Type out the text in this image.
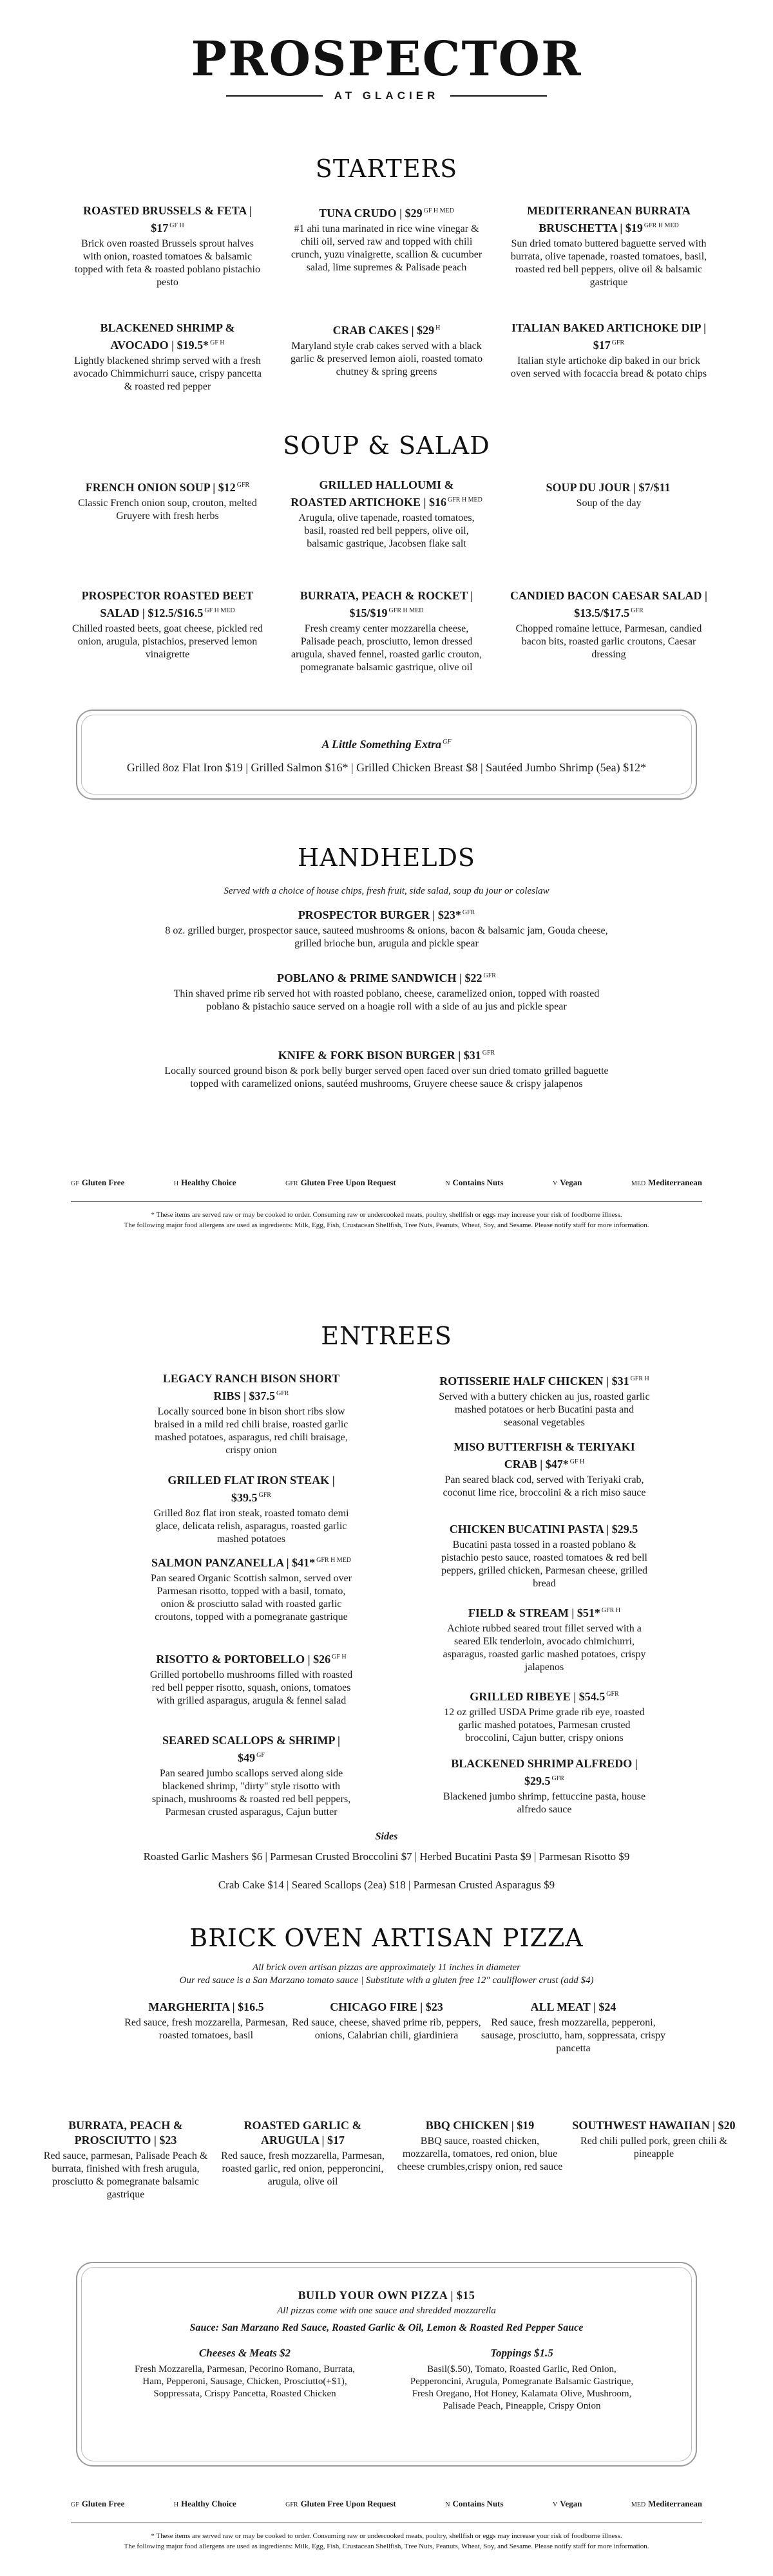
PROSPECTOR
AT GLACIER
STARTERS
ROASTED BRUSSELS & FETA | $17 $^{GF H}$
Brick oven roasted Brussels sprout halves with onion, roasted tomatoes & balsamic topped with feta & roasted poblano pistachio pesto
TUNA CRUDO | $29 $^{GF H MED}$
#1 ahi tuna marinated in rice wine vinegar & chili oil, served raw and topped with chili crunch, yuzu vinaigrette, scallion & cucumber salad, lime supremes & Palisade peach
MEDITERRANEAN BURRATA BRUSCHETTA | $19 $^{GFR H MED}$
Sun dried tomato buttered baguette served with burrata, olive tapenade, roasted tomatoes, basil, roasted red bell peppers, olive oil & balsamic gastrique
BLACKENED SHRIMP & AVOCADO | $19.5* $^{GF H}$
Lightly blackened shrimp served with a fresh avocado Chimmichurri sauce, crispy pancetta & roasted red pepper
CRAB CAKES | $29 $^H$
Maryland style crab cakes served with a black garlic & preserved lemon aioli, roasted tomato chutney & spring greens
ITALIAN BAKED ARTICHOKE DIP | $17 $^{GFR}$
Italian style artichoke dip baked in our brick oven served with focaccia bread & potato chips
SOUP & SALAD
FRENCH ONION SOUP | $12 $^{GFR}$
Classic French onion soup, crouton, melted Gruyere with fresh herbs
GRILLED HALLOUMI & ROASTED ARTICHOKE | $16 $^{GFR H MED}$
Arugula, olive tapenade, roasted tomatoes, basil, roasted red bell peppers, olive oil, balsamic gastrique, Jacobsen flake salt
SOUP DU JOUR | $7/$11
Soup of the day
PROSPECTOR ROASTED BEET SALAD | $12.5/$16.5 $^{GF H MED}$
Chilled roasted beets, goat cheese, pickled red onion, arugula, pistachios, preserved lemon vinaigrette
BURRATA, PEACH & ROCKET | $15/$19 $^{GFR H MED}$
Fresh creamy center mozzarella cheese, Palisade peach, prosciutto, lemon dressed arugula, shaved fennel, roasted garlic crouton, pomegranate balsamic gastrique, olive oil
CANDIED BACON CAESAR SALAD | $13.5/$17.5 $^{GFR}$
Chopped romaine lettuce, Parmesan, candied bacon bits, roasted garlic croutons, Caesar dressing
A Little Something Extra $^{GF}$
Grilled 8oz Flat Iron $19 | Grilled Salmon $16* | Grilled Chicken Breast $8 | Sautéed Jumbo Shrimp (5ea) $12*
HANDHELDS
Served with a choice of house chips, fresh fruit, side salad, soup du jour or coleslaw
PROSPECTOR BURGER | $23* $^{GFR}$
8 oz. grilled burger, prospector sauce, sauteed mushrooms & onions, bacon & balsamic jam, Gouda cheese, grilled brioche bun, arugula and pickle spear
POBLANO & PRIME SANDWICH | $22 $^{GFR}$
Thin shaved prime rib served hot with roasted poblano, cheese, caramelized onion, topped with roasted poblano & pistachio sauce served on a hoagie roll with a side of au jus and pickle spear
KNIFE & FORK BISON BURGER | $31 $^{GFR}$
Locally sourced ground bison & pork belly burger served open faced over sun dried tomato grilled baguette topped with caramelized onions, sautéed mushrooms, Gruyere cheese sauce & crispy jalapenos
GF Gluten Free	H Healthy Choice	GFR Gluten Free Upon Request	N Contains Nuts	V Vegan	MED Mediterranean
* These items are served raw or may be cooked to order. Consuming raw or undercooked meats, poultry, shellfish or eggs may increase your risk of foodborne illness.
The following major food allergens are used as ingredients: Milk, Egg, Fish, Crustacean Shellfish, Tree Nuts, Peanuts, Wheat, Soy, and Sesame. Please notify staff for more information.
ENTREES
LEGACY RANCH BISON SHORT RIBS | $37.5 $^{GFR}$
Locally sourced bone in bison short ribs slow braised in a mild red chili braise, roasted garlic mashed potatoes, asparagus, red chili braisage, crispy onion
GRILLED FLAT IRON STEAK | $39.5 $^{GFR}$
Grilled 8oz flat iron steak, roasted tomato demi glace, delicata relish, asparagus, roasted garlic mashed potatoes
SALMON PANZANELLA | $41* $^{GFR H MED}$
Pan seared Organic Scottish salmon, served over Parmesan risotto, topped with a basil, tomato, onion & prosciutto salad with roasted garlic croutons, topped with a pomegranate gastrique
RISOTTO & PORTOBELLO | $26 $^{GF H}$
Grilled portobello mushrooms filled with roasted red bell pepper risotto, squash, onions, tomatoes with grilled asparagus, arugula & fennel salad
SEARED SCALLOPS & SHRIMP | $49 $^{GF}$
Pan seared jumbo scallops served along side blackened shrimp, "dirty" style risotto with spinach, mushrooms & roasted red bell peppers, Parmesan crusted asparagus, Cajun butter
ROTISSERIE HALF CHICKEN | $31 $^{GFR H}$
Served with a buttery chicken au jus, roasted garlic mashed potatoes or herb Bucatini pasta and seasonal vegetables
MISO BUTTERFISH & TERIYAKI CRAB | $47* $^{GF H}$
Pan seared black cod, served with Teriyaki crab, coconut lime rice, broccolini & a rich miso sauce
CHICKEN BUCATINI PASTA | $29.5
Bucatini pasta tossed in a roasted poblano & pistachio pesto sauce, roasted tomatoes & red bell peppers, grilled chicken, Parmesan cheese, grilled bread
FIELD & STREAM | $51* $^{GFR H}$
Achiote rubbed seared trout fillet served with a seared Elk tenderloin, avocado chimichurri, asparagus, roasted garlic mashed potatoes, crispy jalapenos
GRILLED RIBEYE | $54.5 $^{GFR}$
12 oz grilled USDA Prime grade rib eye, roasted garlic mashed potatoes, Parmesan crusted broccolini, Cajun butter, crispy onions
BLACKENED SHRIMP ALFREDO | $29.5 $^{GFR}$
Blackened jumbo shrimp, fettuccine pasta, house alfredo sauce
Sides
Roasted Garlic Mashers $6 | Parmesan Crusted Broccolini $7 | Herbed Bucatini Pasta $9 | Parmesan Risotto $9
Crab Cake $14 | Seared Scallops (2ea) $18 | Parmesan Crusted Asparagus $9
BRICK OVEN ARTISAN PIZZA
All brick oven artisan pizzas are approximately 11 inches in diameter
Our red sauce is a San Marzano tomato sauce | Substitute with a gluten free 12" cauliflower crust (add $4)
MARGHERITA | $16.5
Red sauce, fresh mozzarella, Parmesan, roasted tomatoes, basil
CHICAGO FIRE | $23
Red sauce, cheese, shaved prime rib, peppers, onions, Calabrian chili, giardiniera
ALL MEAT | $24
Red sauce, fresh mozzarella, pepperoni, sausage, prosciutto, ham, soppressata, crispy pancetta
BURRATA, PEACH & PROSCIUTTO | $23
Red sauce, parmesan, Palisade Peach & burrata, finished with fresh arugula, prosciutto & pomegranate balsamic gastrique
ROASTED GARLIC & ARUGULA | $17
Red sauce, fresh mozzarella, Parmesan, roasted garlic, red onion, pepperoncini, arugula, olive oil
BBQ CHICKEN | $19
BBQ sauce, roasted chicken, mozzarella, tomatoes, red onion, blue cheese crumbles,crispy onion, red sauce
SOUTHWEST HAWAIIAN | $20
Red chili pulled pork, green chili & pineapple
BUILD YOUR OWN PIZZA | $15
All pizzas come with one sauce and shredded mozzarella
Sauce: San Marzano Red Sauce, Roasted Garlic & Oil, Lemon & Roasted Red Pepper Sauce
Cheeses & Meats $2
Fresh Mozzarella, Parmesan, Pecorino Romano, Burrata, Ham, Pepperoni, Sausage, Chicken, Prosciutto(+$1), Soppressata, Crispy Pancetta, Roasted Chicken
Toppings $1.5
Basil($.50), Tomato, Roasted Garlic, Red Onion, Pepperoncini, Arugula, Pomegranate Balsamic Gastrique, Fresh Oregano, Hot Honey, Kalamata Olive, Mushroom, Palisade Peach, Pineapple, Crispy Onion
GF Gluten Free	H Healthy Choice	GFR Gluten Free Upon Request	N Contains Nuts	V Vegan	MED Mediterranean
* These items are served raw or may be cooked to order. Consuming raw or undercooked meats, poultry, shellfish or eggs may increase your risk of foodborne illness.
The following major food allergens are used as ingredients: Milk, Egg, Fish, Crustacean Shellfish, Tree Nuts, Peanuts, Wheat, Soy, and Sesame. Please notify staff for more information.
